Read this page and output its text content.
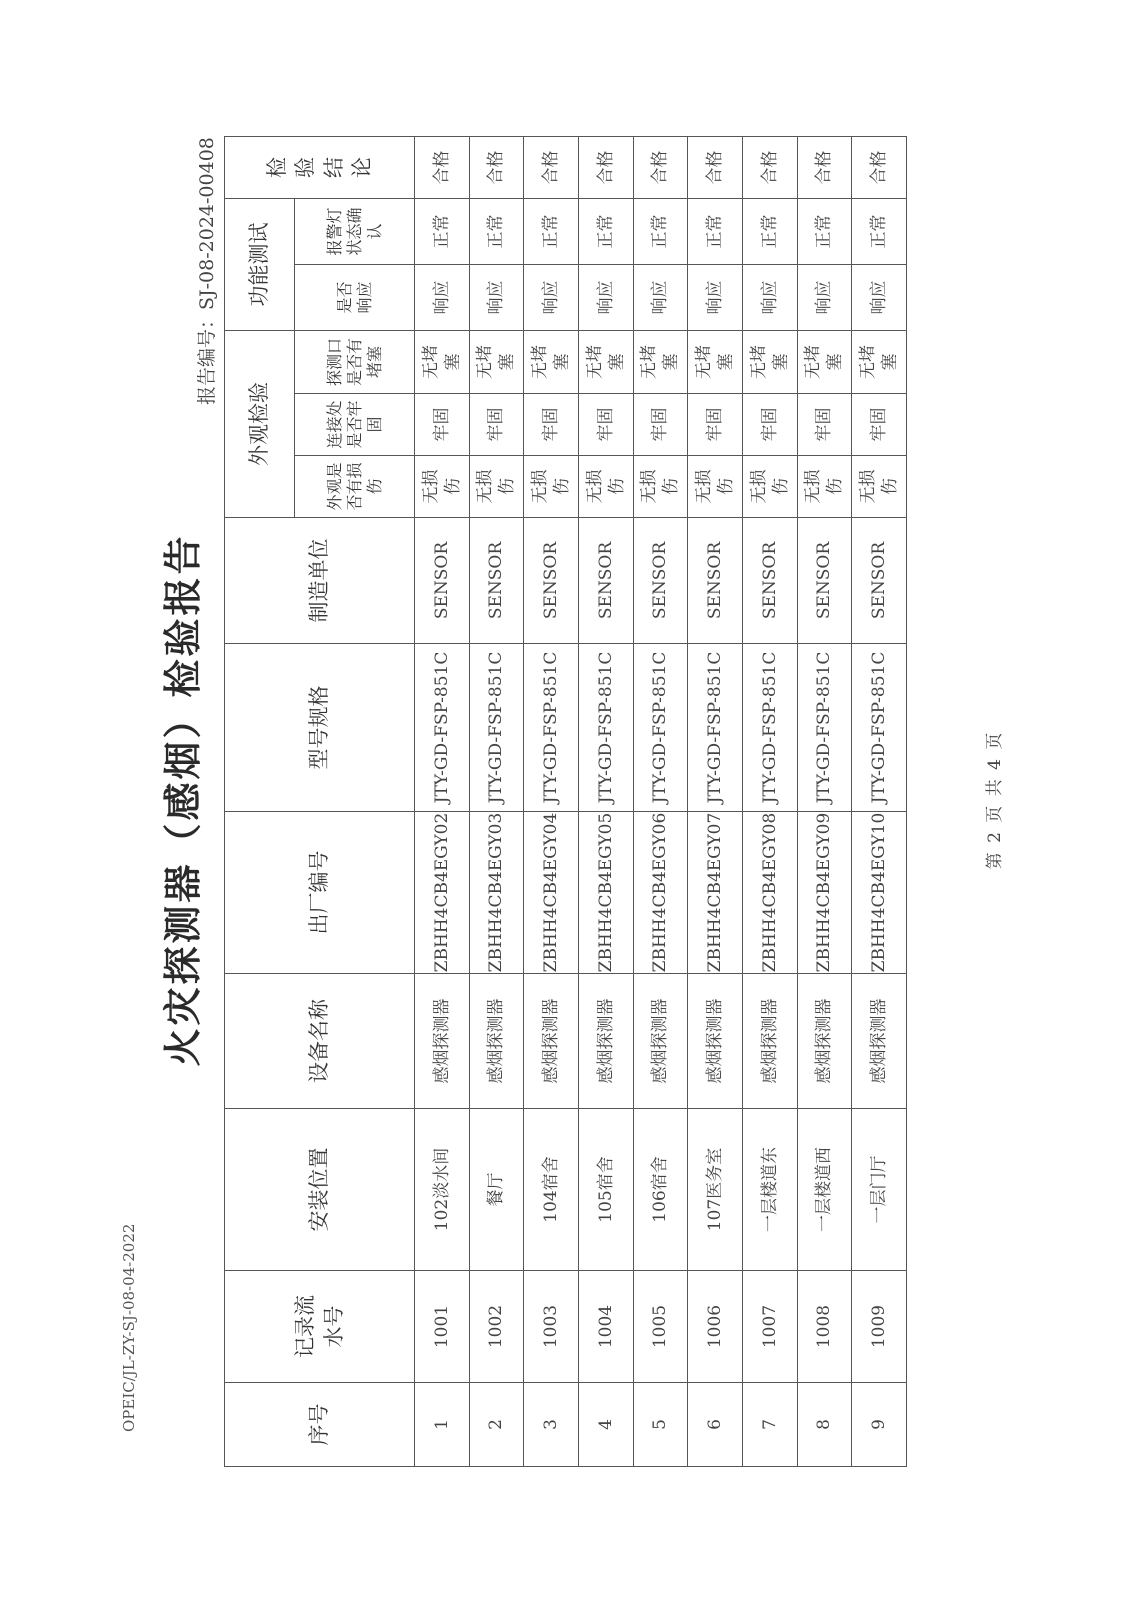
OPEIC/JL-ZY-SJ-08-04-2022
火灾探测器（感烟）检验报告
报告编号：SJ-08-2024-00408
序号	记录流水号	安装位置	设备名称	出厂编号	型号规格	制造单位	外观检验			功能测试		检验结论
							外观是否有损伤	连接处是否牢固	探测口是否有堵塞	是否响应	报警灯状态确认	
1	1001	102淡水间	感烟探测器	ZBHH4CB4EGY02	JTY-GD-FSP-851C	SENSOR	无损伤	牢固	无堵塞	响应	正常	合格
2	1002	餐厅	感烟探测器	ZBHH4CB4EGY03	JTY-GD-FSP-851C	SENSOR	无损伤	牢固	无堵塞	响应	正常	合格
3	1003	104宿舍	感烟探测器	ZBHH4CB4EGY04	JTY-GD-FSP-851C	SENSOR	无损伤	牢固	无堵塞	响应	正常	合格
4	1004	105宿舍	感烟探测器	ZBHH4CB4EGY05	JTY-GD-FSP-851C	SENSOR	无损伤	牢固	无堵塞	响应	正常	合格
5	1005	106宿舍	感烟探测器	ZBHH4CB4EGY06	JTY-GD-FSP-851C	SENSOR	无损伤	牢固	无堵塞	响应	正常	合格
6	1006	107医务室	感烟探测器	ZBHH4CB4EGY07	JTY-GD-FSP-851C	SENSOR	无损伤	牢固	无堵塞	响应	正常	合格
7	1007	一层楼道东	感烟探测器	ZBHH4CB4EGY08	JTY-GD-FSP-851C	SENSOR	无损伤	牢固	无堵塞	响应	正常	合格
8	1008	一层楼道西	感烟探测器	ZBHH4CB4EGY09	JTY-GD-FSP-851C	SENSOR	无损伤	牢固	无堵塞	响应	正常	合格
9	1009	一层门厅	感烟探测器	ZBHH4CB4EGY10	JTY-GD-FSP-851C	SENSOR	无损伤	牢固	无堵塞	响应	正常	合格
第 2 页 共 4 页
